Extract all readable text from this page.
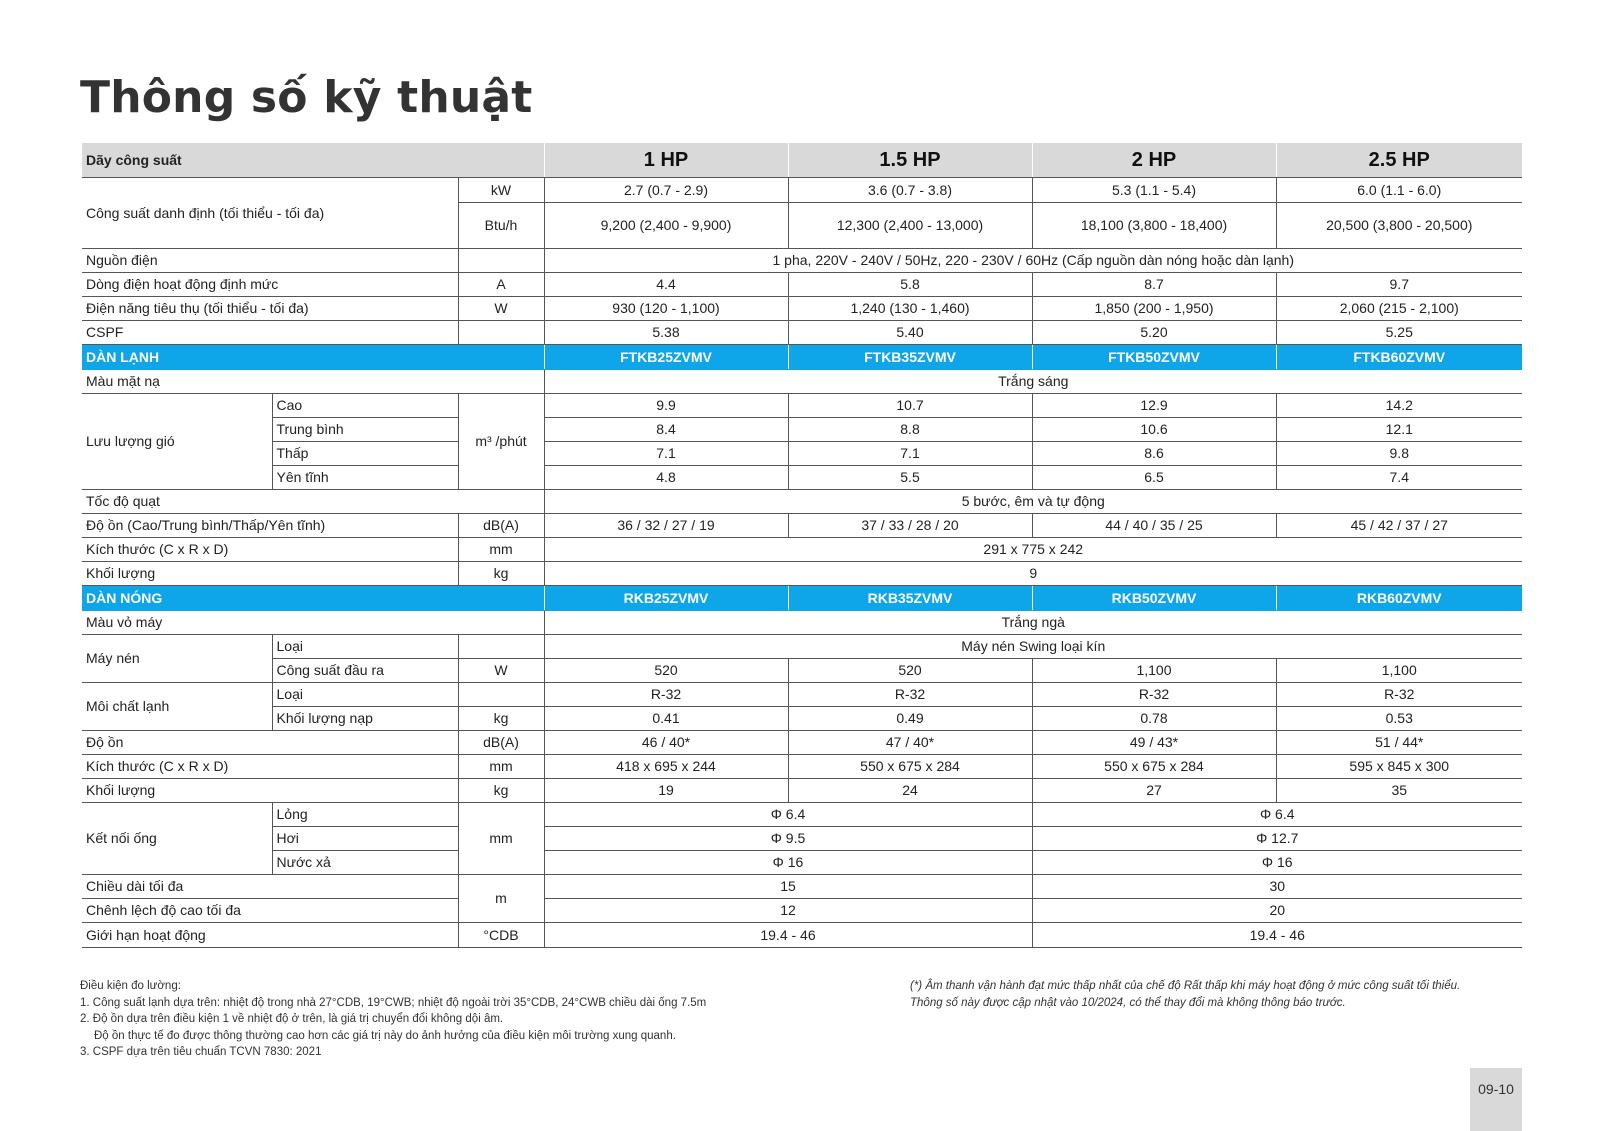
Thông số kỹ thuật
Dãy công suất			1 HP	1.5 HP	2 HP	2.5 HP
Công suất danh định (tối thiểu - tối đa)		kW	2.7 (0.7 - 2.9)	3.6 (0.7 - 3.8)	5.3 (1.1 - 5.4)	6.0 (1.1 - 6.0)
		Btu/h	9,200 (2,400 - 9,900)	12,300 (2,400 - 13,000)	18,100 (3,800 - 18,400)	20,500 (3,800 - 20,500)
Nguồn điện			1 pha, 220V - 240V / 50Hz, 220 - 230V / 60Hz (Cấp nguồn dàn nóng hoặc dàn lạnh)			
Dòng điện hoạt động định mức		A	4.4	5.8	8.7	9.7
Điện năng tiêu thụ (tối thiểu - tối đa)		W	930 (120 - 1,100)	1,240 (130 - 1,460)	1,850 (200 - 1,950)	2,060 (215 - 2,100)
CSPF			5.38	5.40	5.20	5.25
DÀN LẠNH			FTKB25ZVMV	FTKB35ZVMV	FTKB50ZVMV	FTKB60ZVMV
Màu mặt nạ			Trắng sáng			
Lưu lượng gió	Cao	m³ /phút	9.9	10.7	12.9	14.2
	Trung bình		8.4	8.8	10.6	12.1
	Thấp		7.1	7.1	8.6	9.8
	Yên tĩnh		4.8	5.5	6.5	7.4
Tốc độ quạt			5 bước, êm và tự động			
Độ ồn (Cao/Trung bình/Thấp/Yên tĩnh)		dB(A)	36 / 32 / 27 / 19	37 / 33 / 28 / 20	44 / 40 / 35 / 25	45 / 42 / 37 / 27
Kích thước (C x R x D)		mm	291 x 775 x 242			
Khối lượng		kg	9			
DÀN NÓNG			RKB25ZVMV	RKB35ZVMV	RKB50ZVMV	RKB60ZVMV
Màu vỏ máy			Trắng ngà			
Máy nén	Loại		Máy nén Swing loại kín			
	Công suất đầu ra	W	520	520	1,100	1,100
Môi chất lạnh	Loại		R-32	R-32	R-32	R-32
	Khối lượng nạp	kg	0.41	0.49	0.78	0.53
Độ ồn		dB(A)	46 / 40*	47 / 40*	49 / 43*	51 / 44*
Kích thước (C x R x D)		mm	418 x 695 x 244	550 x 675 x 284	550 x 675 x 284	595 x 845 x 300
Khối lượng		kg	19	24	27	35
Kết nối ống	Lỏng	mm	Φ 6.4		Φ 6.4	
	Hơi		Φ 9.5		Φ 12.7	
	Nước xả		Φ 16		Φ 16	
Chiều dài tối đa		m	15		30	
Chênh lệch độ cao tối đa			12		20	
Giới hạn hoạt động		°CDB	19.4 - 46		19.4 - 46	
Điều kiện đo lường:
1. Công suất lạnh dựa trên: nhiệt độ trong nhà 27°CDB, 19°CWB; nhiệt độ ngoài trời 35°CDB, 24°CWB chiều dài ống 7.5m
2. Độ ồn dựa trên điều kiện 1 về nhiệt độ ở trên, là giá trị chuyển đổi không dội âm.
Độ ồn thực tế đo được thông thường cao hơn các giá trị này do ảnh hưởng của điều kiện môi trường xung quanh.
3. CSPF dựa trên tiêu chuẩn TCVN 7830: 2021
(*) Âm thanh vận hành đạt mức thấp nhất của chế độ Rất thấp khi máy hoạt động ở mức công suất tối thiểu.
Thông số này được cập nhật vào 10/2024, có thể thay đổi mà không thông báo trước.
09-10
